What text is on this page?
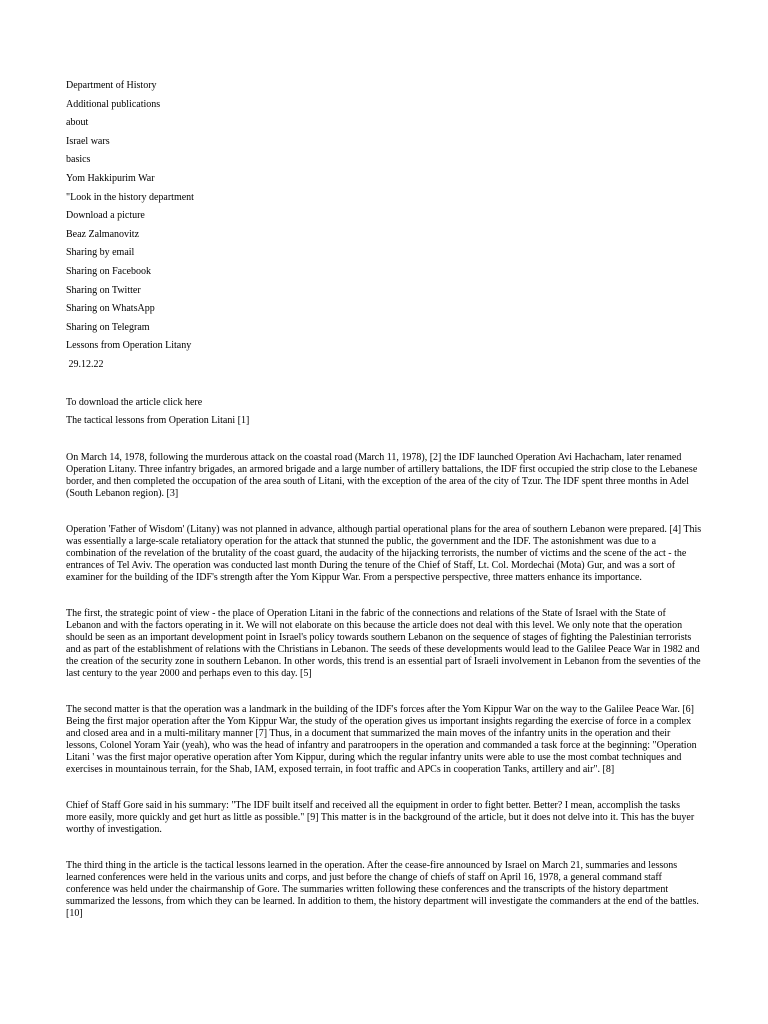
Department of History
Additional publications
about
Israel wars
basics
Yom Hakkipurim War
"Look in the history department
Download a picture
Beaz Zalmanovitz
Sharing by email
Sharing on Facebook
Sharing on Twitter
Sharing on WhatsApp
Sharing on Telegram
Lessons from Operation Litany
29.12.22
To download the article click here
The tactical lessons from Operation Litani [1]

On March 14, 1978, following the murderous attack on the coastal road (March 11, 1978), [2] the IDF launched Operation Avi Hachacham, later renamed Operation Litany. Three infantry brigades, an armored brigade and a large number of artillery battalions, the IDF first occupied the strip close to the Lebanese border, and then completed the occupation of the area south of Litani, with the exception of the area of the city of Tzur. The IDF spent three months in Adel (South Lebanon region). [3]

Operation 'Father of Wisdom' (Litany) was not planned in advance, although partial operational plans for the area of southern Lebanon were prepared. [4] This was essentially a large-scale retaliatory operation for the attack that stunned the public, the government and the IDF. The astonishment was due to a combination of the revelation of the brutality of the coast guard, the audacity of the hijacking terrorists, the number of victims and the scene of the act - the entrances of Tel Aviv. The operation was conducted last month During the tenure of the Chief of Staff, Lt. Col. Mordechai (Mota) Gur, and was a sort of examiner for the building of the IDF's strength after the Yom Kippur War. From a perspective perspective, three matters enhance its importance.

The first, the strategic point of view - the place of Operation Litani in the fabric of the connections and relations of the State of Israel with the State of Lebanon and with the factors operating in it. We will not elaborate on this because the article does not deal with this level. We only note that the operation should be seen as an important development point in Israel's policy towards southern Lebanon on the sequence of stages of fighting the Palestinian terrorists and as part of the establishment of relations with the Christians in Lebanon. The seeds of these developments would lead to the Galilee Peace War in 1982 and the creation of the security zone in southern Lebanon. In other words, this trend is an essential part of Israeli involvement in Lebanon from the seventies of the last century to the year 2000 and perhaps even to this day. [5]

The second matter is that the operation was a landmark in the building of the IDF's forces after the Yom Kippur War on the way to the Galilee Peace War. [6] Being the first major operation after the Yom Kippur War, the study of the operation gives us important insights regarding the exercise of force in a complex and closed area and in a multi-military manner [7] Thus, in a document that summarized the main moves of the infantry units in the operation and their lessons, Colonel Yoram Yair (yeah), who was the head of infantry and paratroopers in the operation and commanded a task force at the beginning: "Operation Litani ' was the first major operative operation after Yom Kippur, during which the regular infantry units were able to use the most combat techniques and exercises in mountainous terrain, for the Shab, IAM, exposed terrain, in foot traffic and APCs in cooperation Tanks, artillery and air". [8]

Chief of Staff Gore said in his summary: "The IDF built itself and received all the equipment in order to fight better. Better? I mean, accomplish the tasks more easily, more quickly and get hurt as little as possible." [9] This matter is in the background of the article, but it does not delve into it. This has the buyer worthy of investigation.

The third thing in the article is the tactical lessons learned in the operation. After the cease-fire announced by Israel on March 21, summaries and lessons learned conferences were held in the various units and corps, and just before the change of chiefs of staff on April 16, 1978, a general command staff conference was held under the chairmanship of Gore. The summaries written following these conferences and the transcripts of the history department summarized the lessons, from which they can be learned. In addition to them, the history department will investigate the commanders at the end of the battles. [10]
